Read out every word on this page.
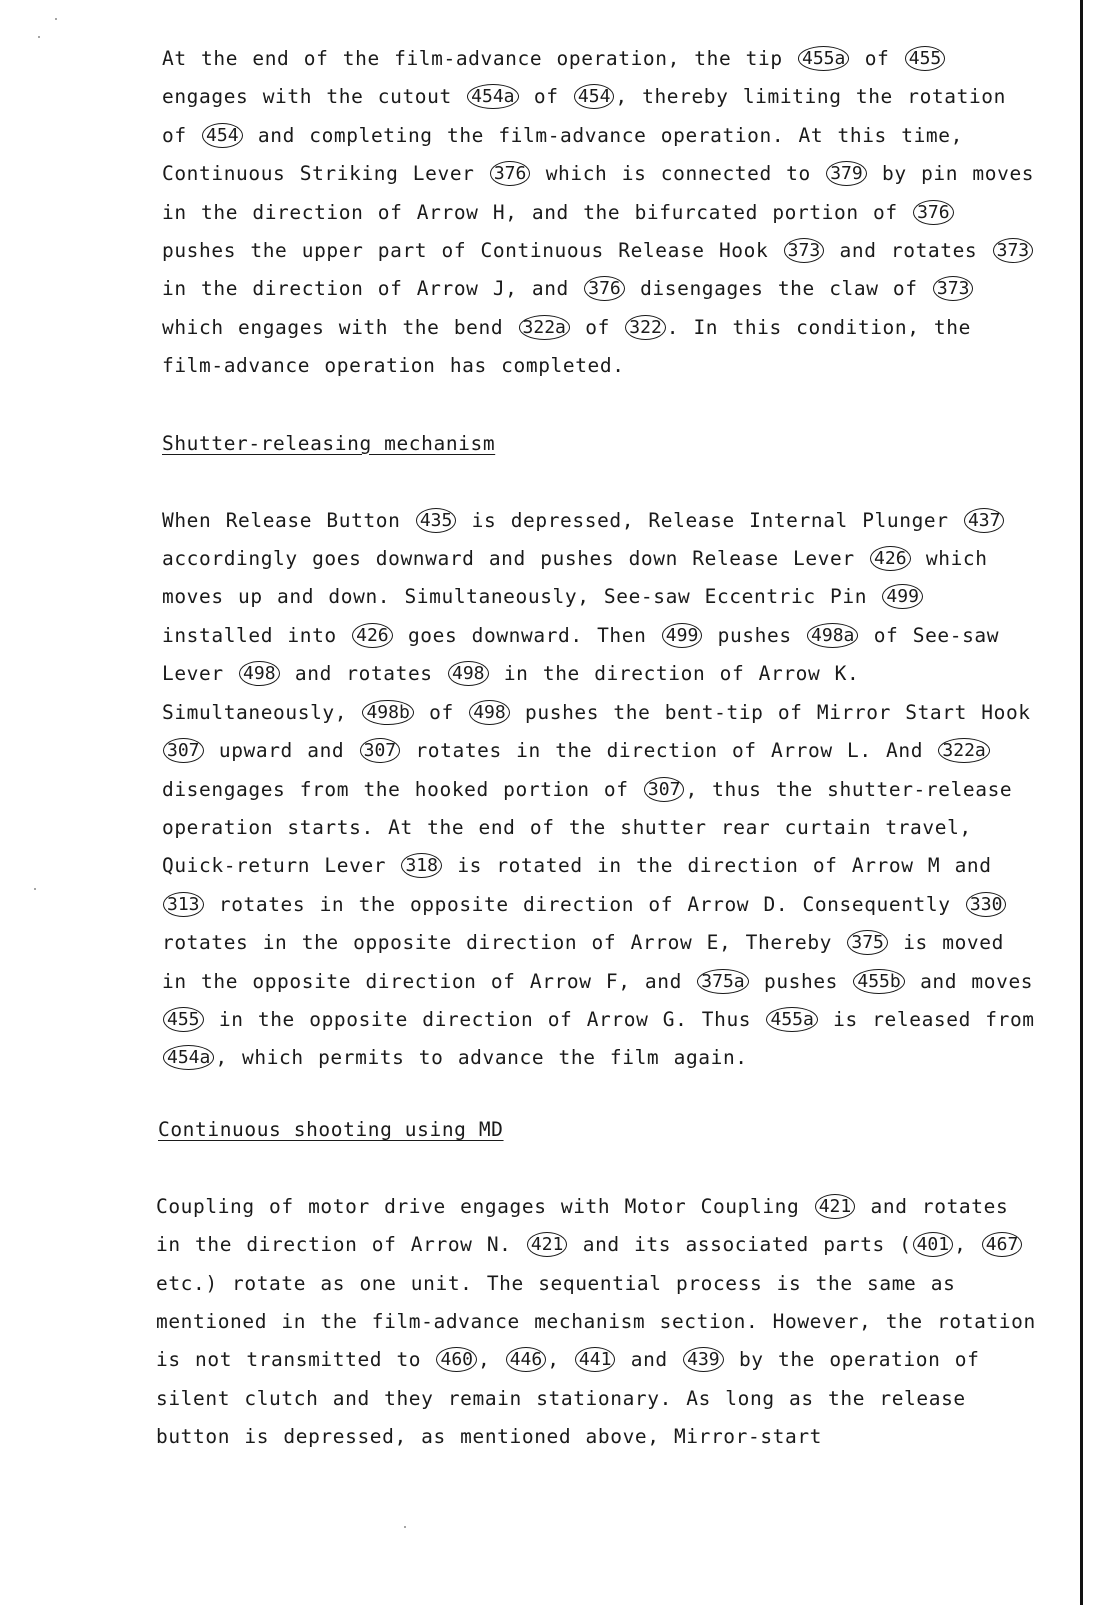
At the end of the film-advance operation, the tip 455a of 455 engages with the cutout 454a of 454 , thereby limiting the rotation of 454 and completing the film-advance operation. At this time, Continuous Striking Lever 376 which is connected to 379 by pin moves in the direction of Arrow H, and the bifurcated portion of 376 pushes the upper part of Continuous Release Hook 373 and rotates 373 in the direction of Arrow J, and 376 disengages the claw of 373 which engages with the bend 322a of 322 . In this condition, the film-advance operation has completed.

Shutter-releasing mechanism

When Release Button 435 is depressed, Release Internal Plunger 437 accordingly goes downward and pushes down Release Lever 426 which moves up and down. Simultaneously, See-saw Eccentric Pin 499 installed into 426 goes downward. Then 499 pushes 498a of See-saw Lever 498 and rotates 498 in the direction of Arrow K. Simultaneously, 498b of 498 pushes the bent-tip of Mirror Start Hook 307 upward and 307 rotates in the direction of Arrow L. And 322a disengages from the hooked portion of 307 , thus the shutter-release operation starts. At the end of the shutter rear curtain travel, Quick-return Lever 318 is rotated in the direction of Arrow M and 313 rotates in the opposite direction of Arrow D. Consequently 330 rotates in the opposite direction of Arrow E, Thereby 375 is moved in the opposite direction of Arrow F, and 375a pushes 455b and moves 455 in the opposite direction of Arrow G. Thus 455a is released from 454a , which permits to advance the film again.

Continuous shooting using MD

Coupling of motor drive engages with Motor Coupling 421 and rotates in the direction of Arrow N. 421 and its associated parts ( 401 , 467 etc.) rotate as one unit. The sequential process is the same as mentioned in the film-advance mechanism section. However, the rotation is not transmitted to 460 , 446 , 441 and 439 by the operation of silent clutch and they remain stationary. As long as the release button is depressed, as mentioned above, Mirror-start
